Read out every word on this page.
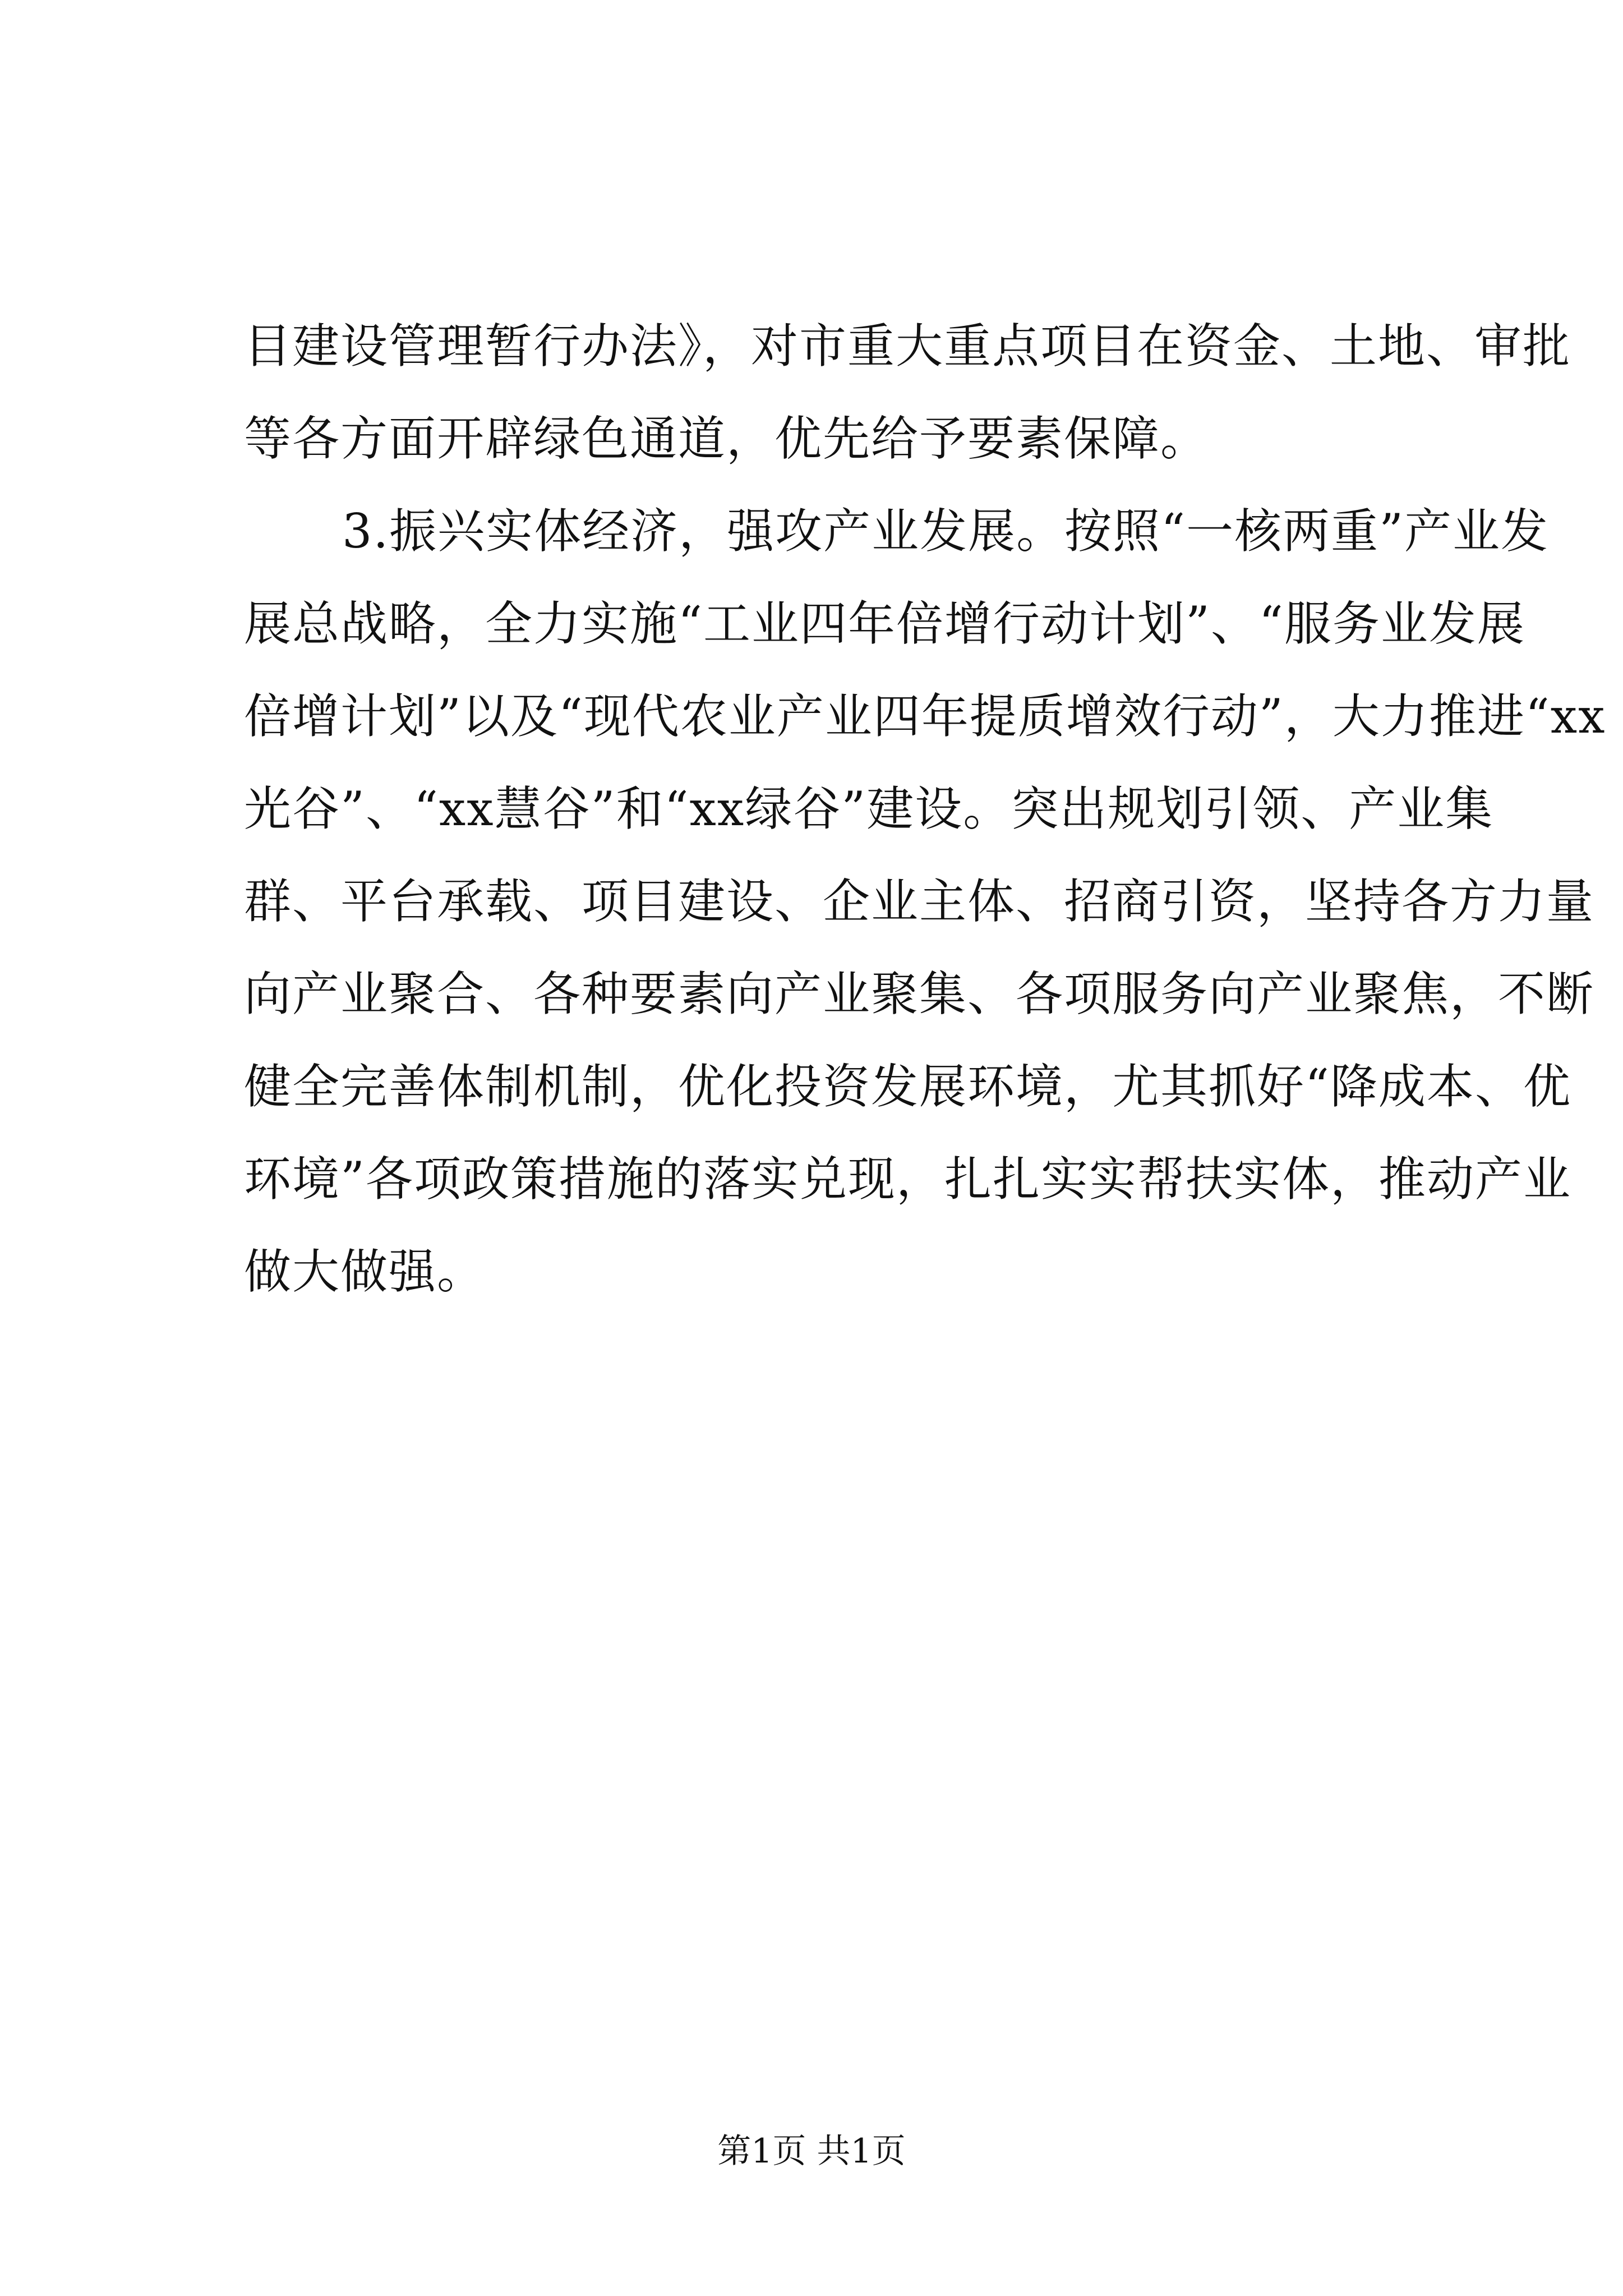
目建设管理暂行办法》，对市重大重点项目在资金、土地、审批
等各方面开辟绿色通道，优先给予要素保障。
3.振兴实体经济，强攻产业发展。按照“一核两重”产业发
展总战略，全力实施“工业四年倍增行动计划”、“服务业发展
倍增计划”以及“现代农业产业四年提质增效行动”，大力推进“xx
光谷”、“xx慧谷”和“xx绿谷”建设。突出规划引领、产业集
群、平台承载、项目建设、企业主体、招商引资，坚持各方力量
向产业聚合、各种要素向产业聚集、各项服务向产业聚焦，不断
健全完善体制机制，优化投资发展环境，尤其抓好“降成本、优
环境”各项政策措施的落实兑现，扎扎实实帮扶实体，推动产业
做大做强。
第1页 共1页
